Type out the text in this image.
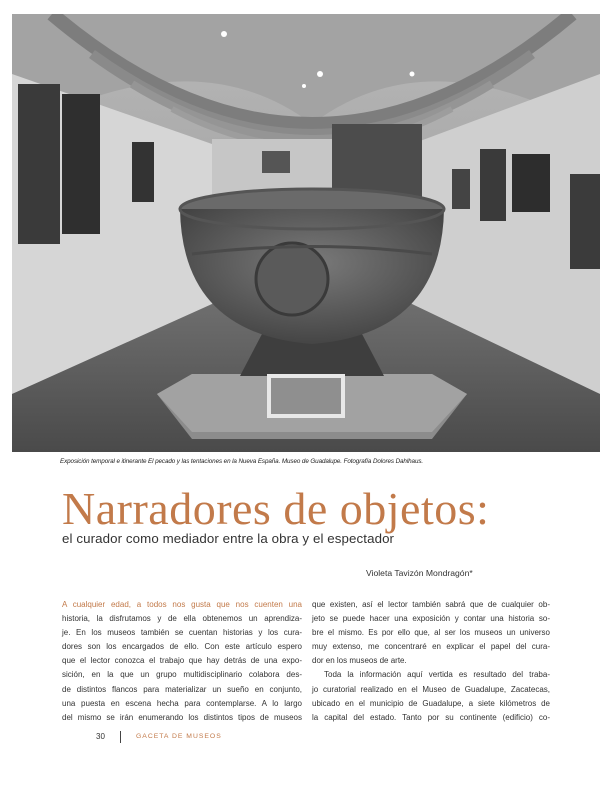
Exposición temporal e itinerante El pecado y las tentaciones en la Nueva España. Museo de Guadalupe. Fotografía Dolores Dahlhaus.
Narradores de objetos:
el curador como mediador entre la obra y el espectador
Violeta Tavizón Mondragón*
A cualquier edad, a todos nos gusta que nos cuenten una
historia, la disfrutamos y de ella obtenemos un aprendiza-
je. En los museos también se cuentan historias y los cura-
dores son los encargados de ello. Con este artículo espero
que el lector conozca el trabajo que hay detrás de una expo-
sición, en la que un grupo multidisciplinario colabora des-
de distintos flancos para materializar un sueño en conjunto,
una puesta en escena hecha para contemplarse. A lo largo
del mismo se irán enumerando los distintos tipos de museos
que existen, así el lector también sabrá que de cualquier ob-
jeto se puede hacer una exposición y contar una historia so-
bre el mismo. Es por ello que, al ser los museos un universo
muy extenso, me concentraré en explicar el papel del cura-
dor en los museos de arte.
Toda la información aquí vertida es resultado del traba-
jo curatorial realizado en el Museo de Guadalupe, Zacatecas,
ubicado en el municipio de Guadalupe, a siete kilómetros de
la capital del estado. Tanto por su continente (edificio) co-
30	GACETA DE MUSEOS
